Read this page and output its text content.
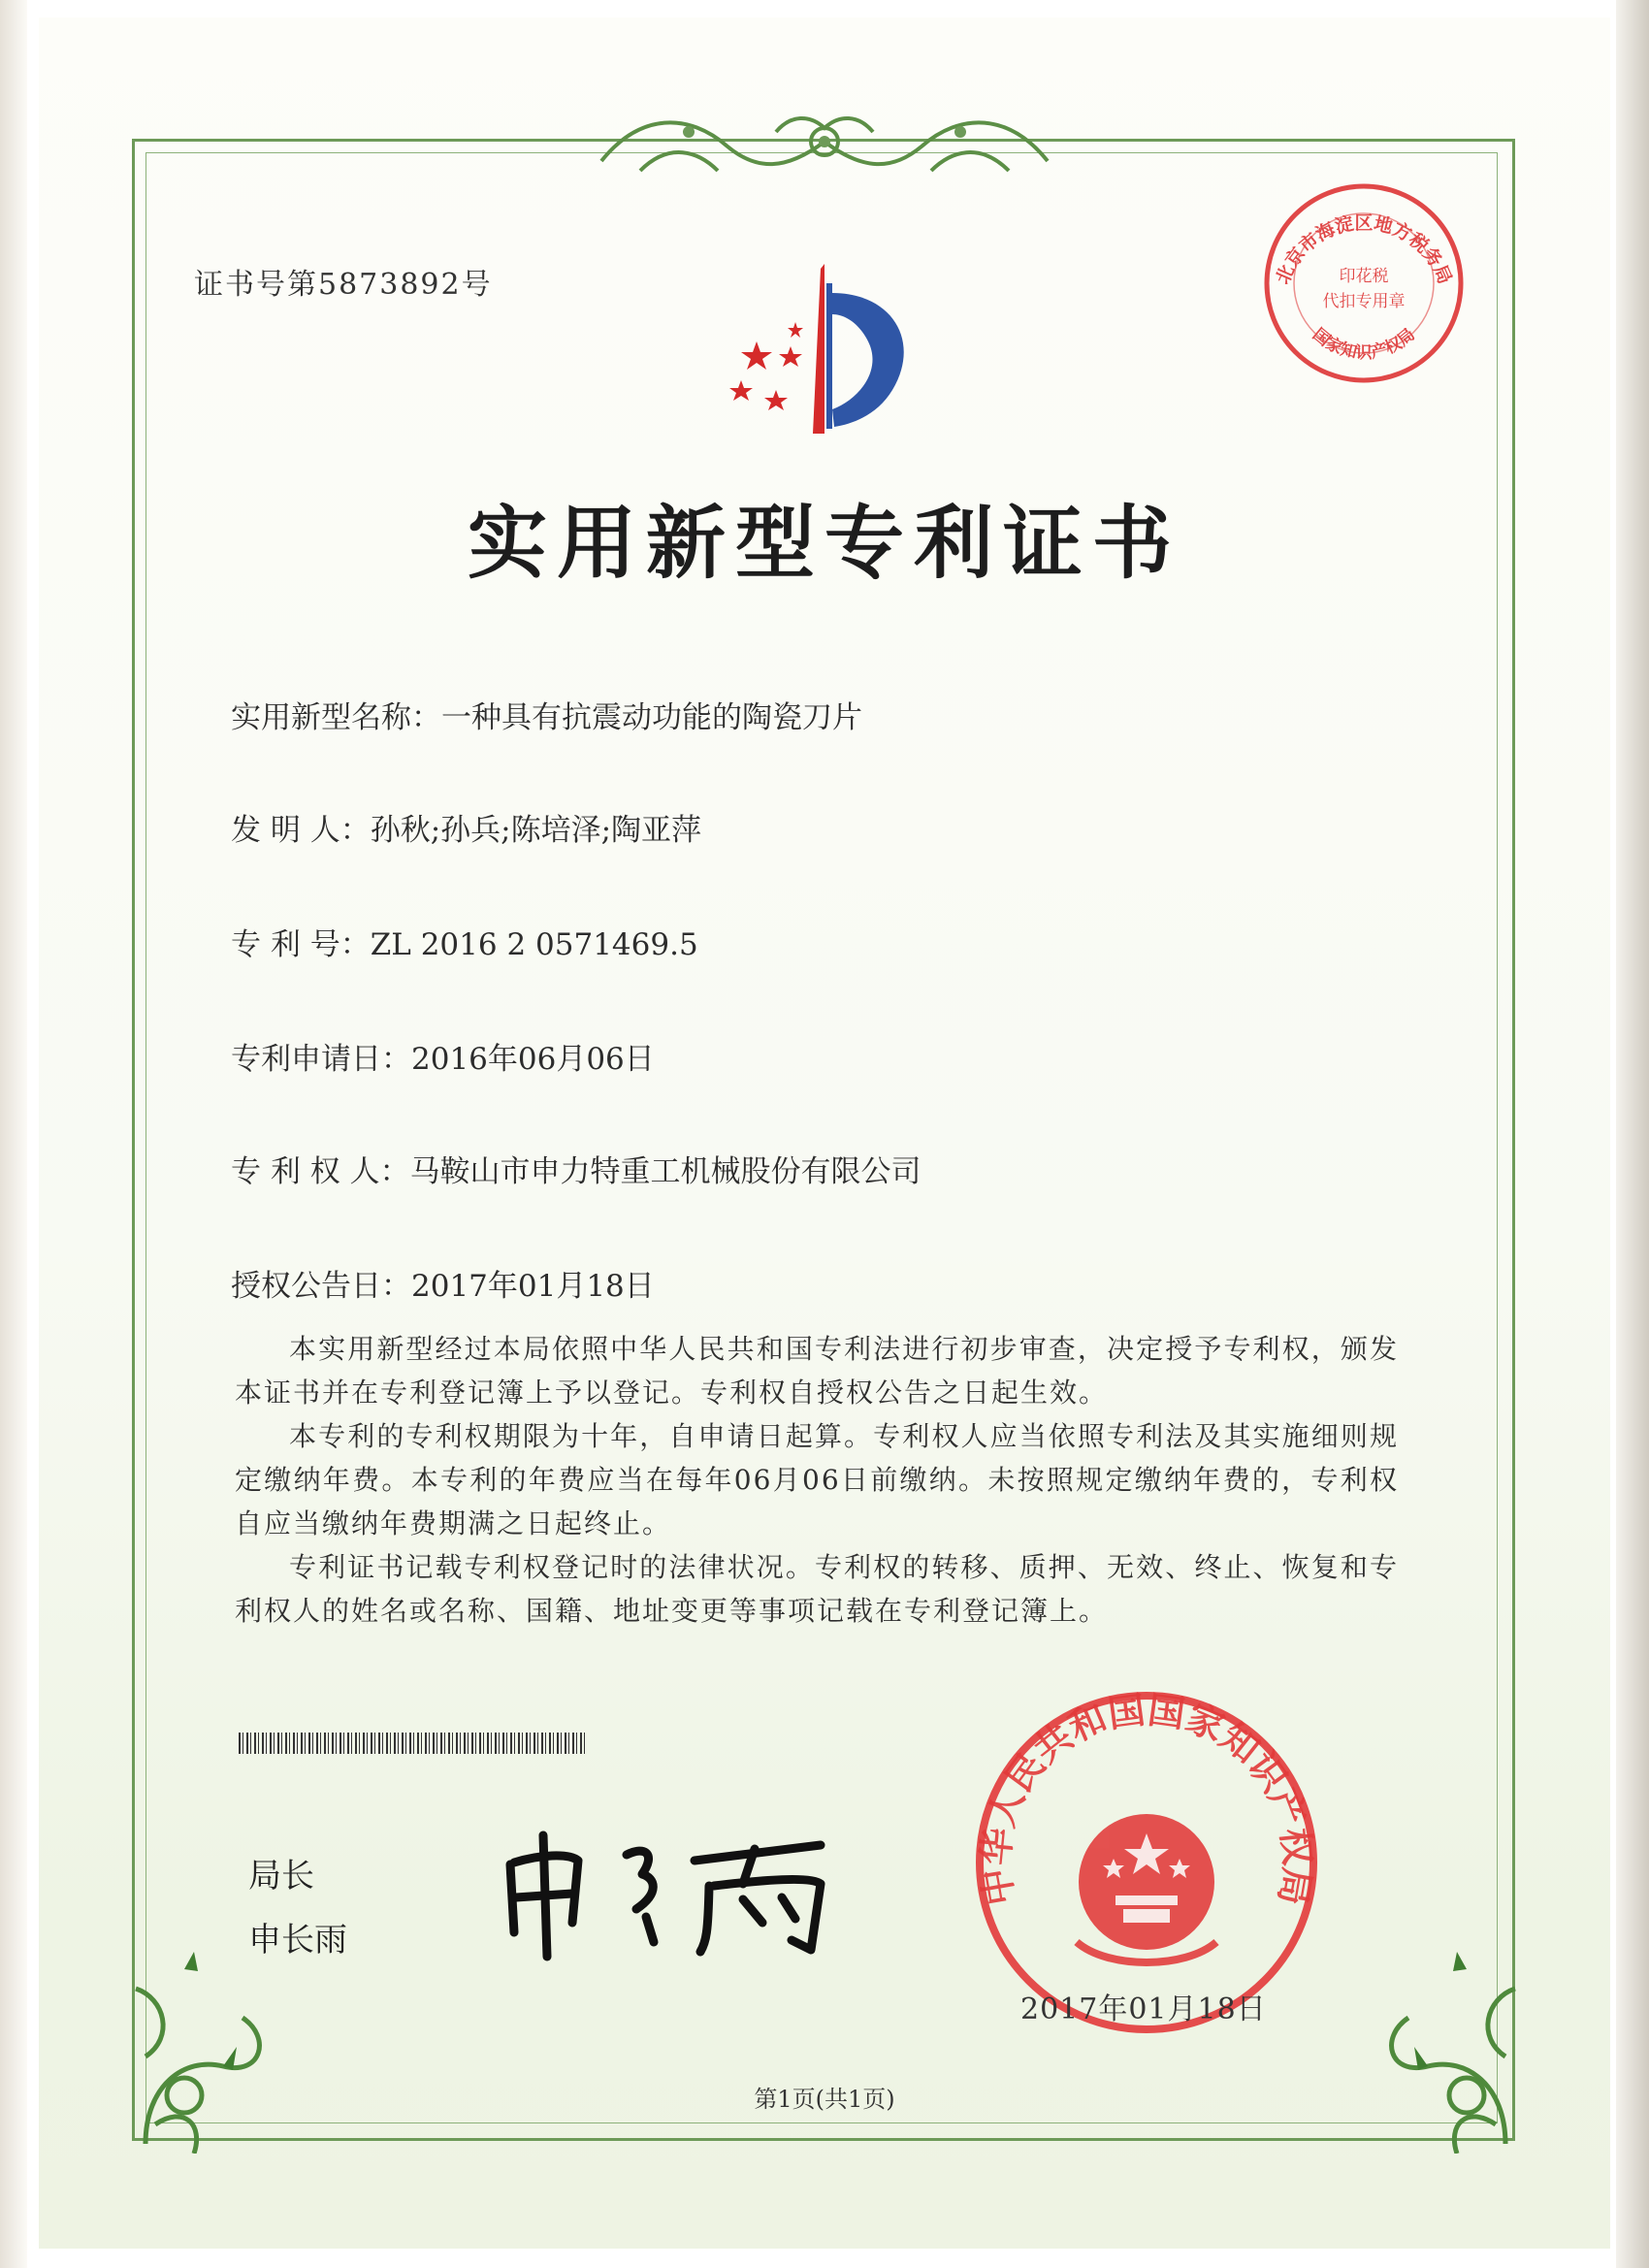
北京市海淀区地方税务局
印花税
代扣专用章
国家知识产权局
证书号第5873892号
实用新型专利证书
实用新型名称：一种具有抗震动功能的陶瓷刀片
发 明 人：孙秋;孙兵;陈培泽;陶亚萍
专 利 号：ZL 2016 2 0571469.5
专利申请日：2016年06月06日
专 利 权 人：马鞍山市申力特重工机械股份有限公司
授权公告日：2017年01月18日

本实用新型经过本局依照中华人民共和国专利法进行初步审查，决定授予专利权，颁发本证书并在专利登记簿上予以登记。专利权自授权公告之日起生效。

本专利的专利权期限为十年，自申请日起算。专利权人应当依照专利法及其实施细则规定缴纳年费。本专利的年费应当在每年06月06日前缴纳。未按照规定缴纳年费的，专利权自应当缴纳年费期满之日起终止。

专利证书记载专利权登记时的法律状况。专利权的转移、质押、无效、终止、恢复和专利权人的姓名或名称、国籍、地址变更等事项记载在专利登记簿上。

局长
申长雨
中华人民共和国国家知识产权局
2017年01月18日
第1页(共1页)
